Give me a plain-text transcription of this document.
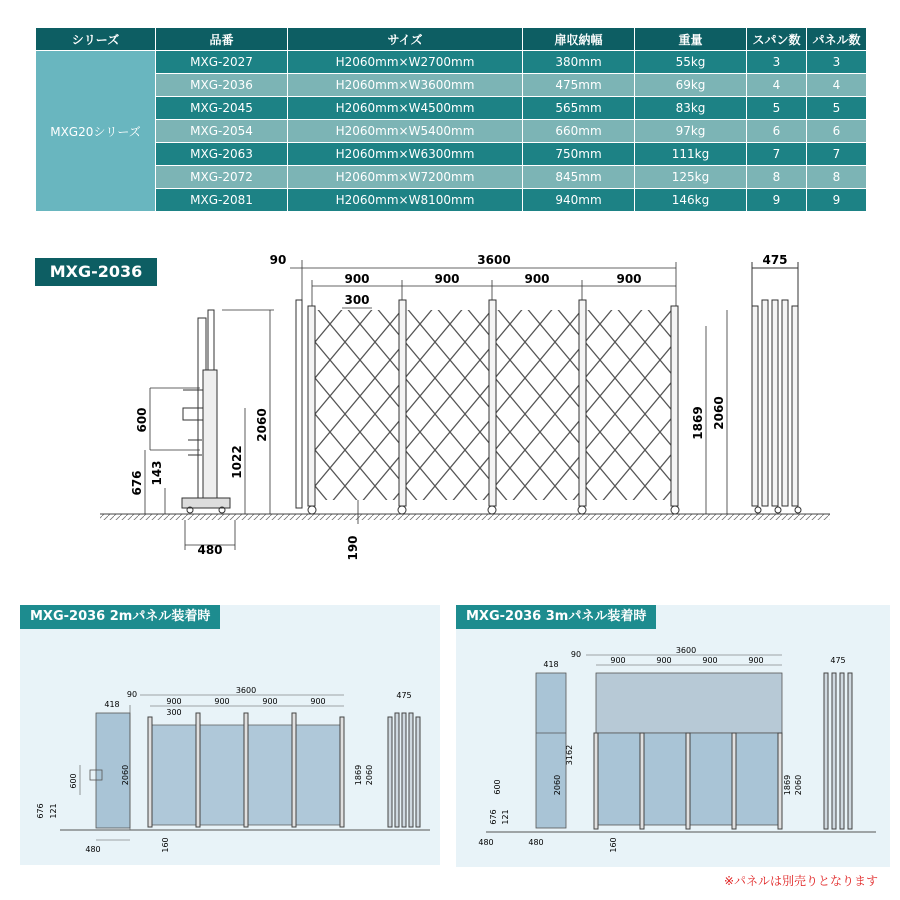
シリーズ	品番	サイズ	扉収納幅	重量	スパン数	パネル数
MXG20シリーズ	MXG-2027	H2060mm×W2700mm	380mm	55kg	3	3
	MXG-2036	H2060mm×W3600mm	475mm	69kg	4	4
	MXG-2045	H2060mm×W4500mm	565mm	83kg	5	5
	MXG-2054	H2060mm×W5400mm	660mm	97kg	6	6
	MXG-2063	H2060mm×W6300mm	750mm	111kg	7	7
	MXG-2072	H2060mm×W7200mm	845mm	125kg	8	8
	MXG-2081	H2060mm×W8100mm	940mm	146kg	9	9
MXG-2036
2060
1022
600
676 143
480
90	3600
900	900	900	900
300
1869 2060
190
475
MXG-2036 2mパネル装着時
418
2060
600
676 121
480
90	3600
900	900	900	900
300
1869 2060
160
475
MXG-2036 3mパネル装着時
418
3162
2060
600
676 121
480	480
90	3600
900	900	900	900
1869 2060
160
475
※パネルは別売りとなります
